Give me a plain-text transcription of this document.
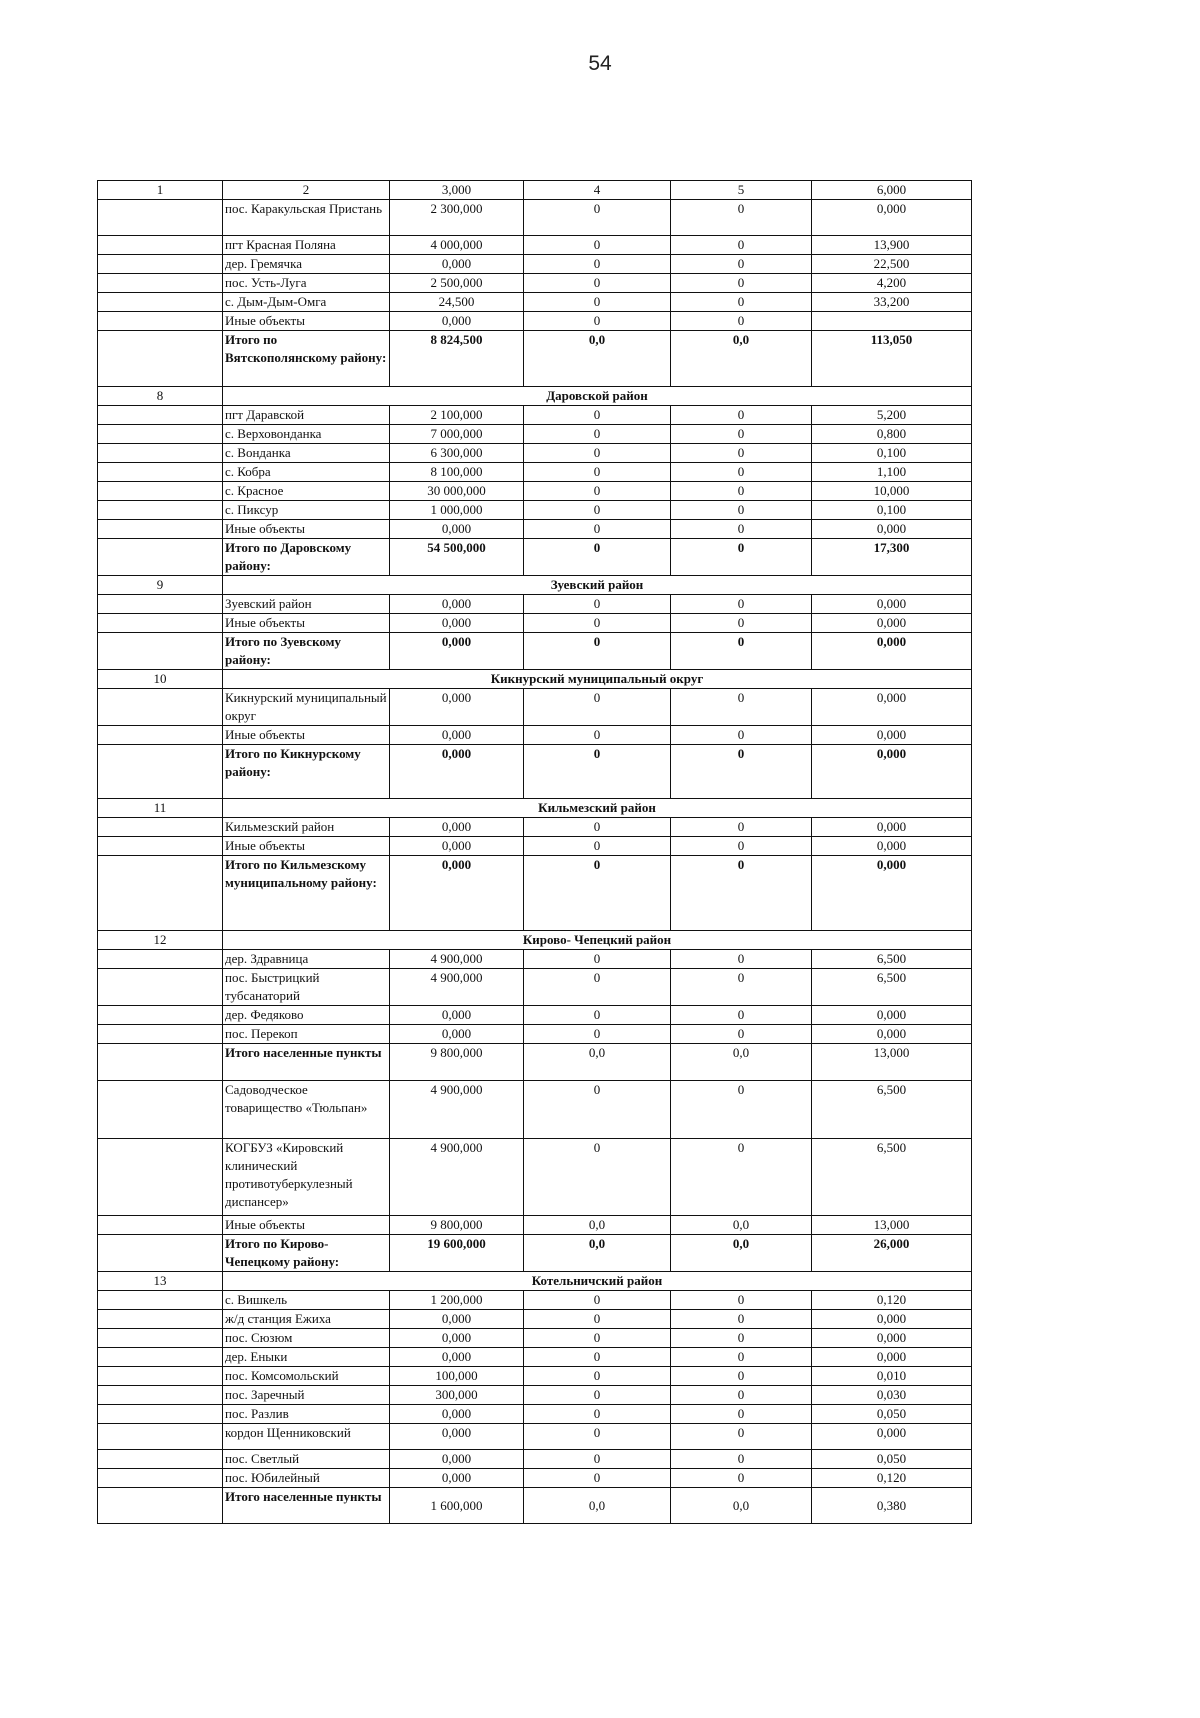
54
1	2	3,000	4	5	6,000
	пос. Каракульская Пристань	2 300,000	0	0	0,000
	пгт Красная Поляна	4 000,000	0	0	13,900
	дер. Гремячка	0,000	0	0	22,500
	пос. Усть-Луга	2 500,000	0	0	4,200
	с. Дым-Дым-Омга	24,500	0	0	33,200
	Иные объекты	0,000	0	0	
	Итого по Вятскополянскому району:	8 824,500	0,0	0,0	113,050
8	Даровской район				
	пгт Даравской	2 100,000	0	0	5,200
	с. Верховонданка	7 000,000	0	0	0,800
	с. Вонданка	6 300,000	0	0	0,100
	с. Кобра	8 100,000	0	0	1,100
	с. Красное	30 000,000	0	0	10,000
	с. Пиксур	1 000,000	0	0	0,100
	Иные объекты	0,000	0	0	0,000
	Итого по Даровскому району:	54 500,000	0	0	17,300
9	Зуевский район				
	Зуевский район	0,000	0	0	0,000
	Иные объекты	0,000	0	0	0,000
	Итого по Зуевскому району:	0,000	0	0	0,000
10	Кикнурский муниципальный округ				
	Кикнурский муниципальный округ	0,000	0	0	0,000
	Иные объекты	0,000	0	0	0,000
	Итого по Кикнурскому району:	0,000	0	0	0,000
11	Кильмезский район				
	Кильмезский район	0,000	0	0	0,000
	Иные объекты	0,000	0	0	0,000
	Итого по Кильмезскому муниципальному району:	0,000	0	0	0,000
12	Кирово- Чепецкий район				
	дер. Здравница	4 900,000	0	0	6,500
	пос. Быстрицкий тубсанаторий	4 900,000	0	0	6,500
	дер. Федяково	0,000	0	0	0,000
	пос. Перекоп	0,000	0	0	0,000
	Итого населенные пункты	9 800,000	0,0	0,0	13,000
	Садоводческое товарищество «Тюльпан»	4 900,000	0	0	6,500
	КОГБУЗ «Кировский клинический противотуберкулезный диспансер»	4 900,000	0	0	6,500
	Иные объекты	9 800,000	0,0	0,0	13,000
	Итого по Кирово-Чепецкому району:	19 600,000	0,0	0,0	26,000
13	Котельничский район				
	с. Вишкель	1 200,000	0	0	0,120
	ж/д станция Ежиха	0,000	0	0	0,000
	пос. Сюзюм	0,000	0	0	0,000
	дер. Еныки	0,000	0	0	0,000
	пос. Комсомольский	100,000	0	0	0,010
	пос. Заречный	300,000	0	0	0,030
	пос. Разлив	0,000	0	0	0,050
	кордон Щенниковский	0,000	0	0	0,000
	пос. Светлый	0,000	0	0	0,050
	пос. Юбилейный	0,000	0	0	0,120
	Итого населенные пункты	1 600,000	0,0	0,0	0,380
